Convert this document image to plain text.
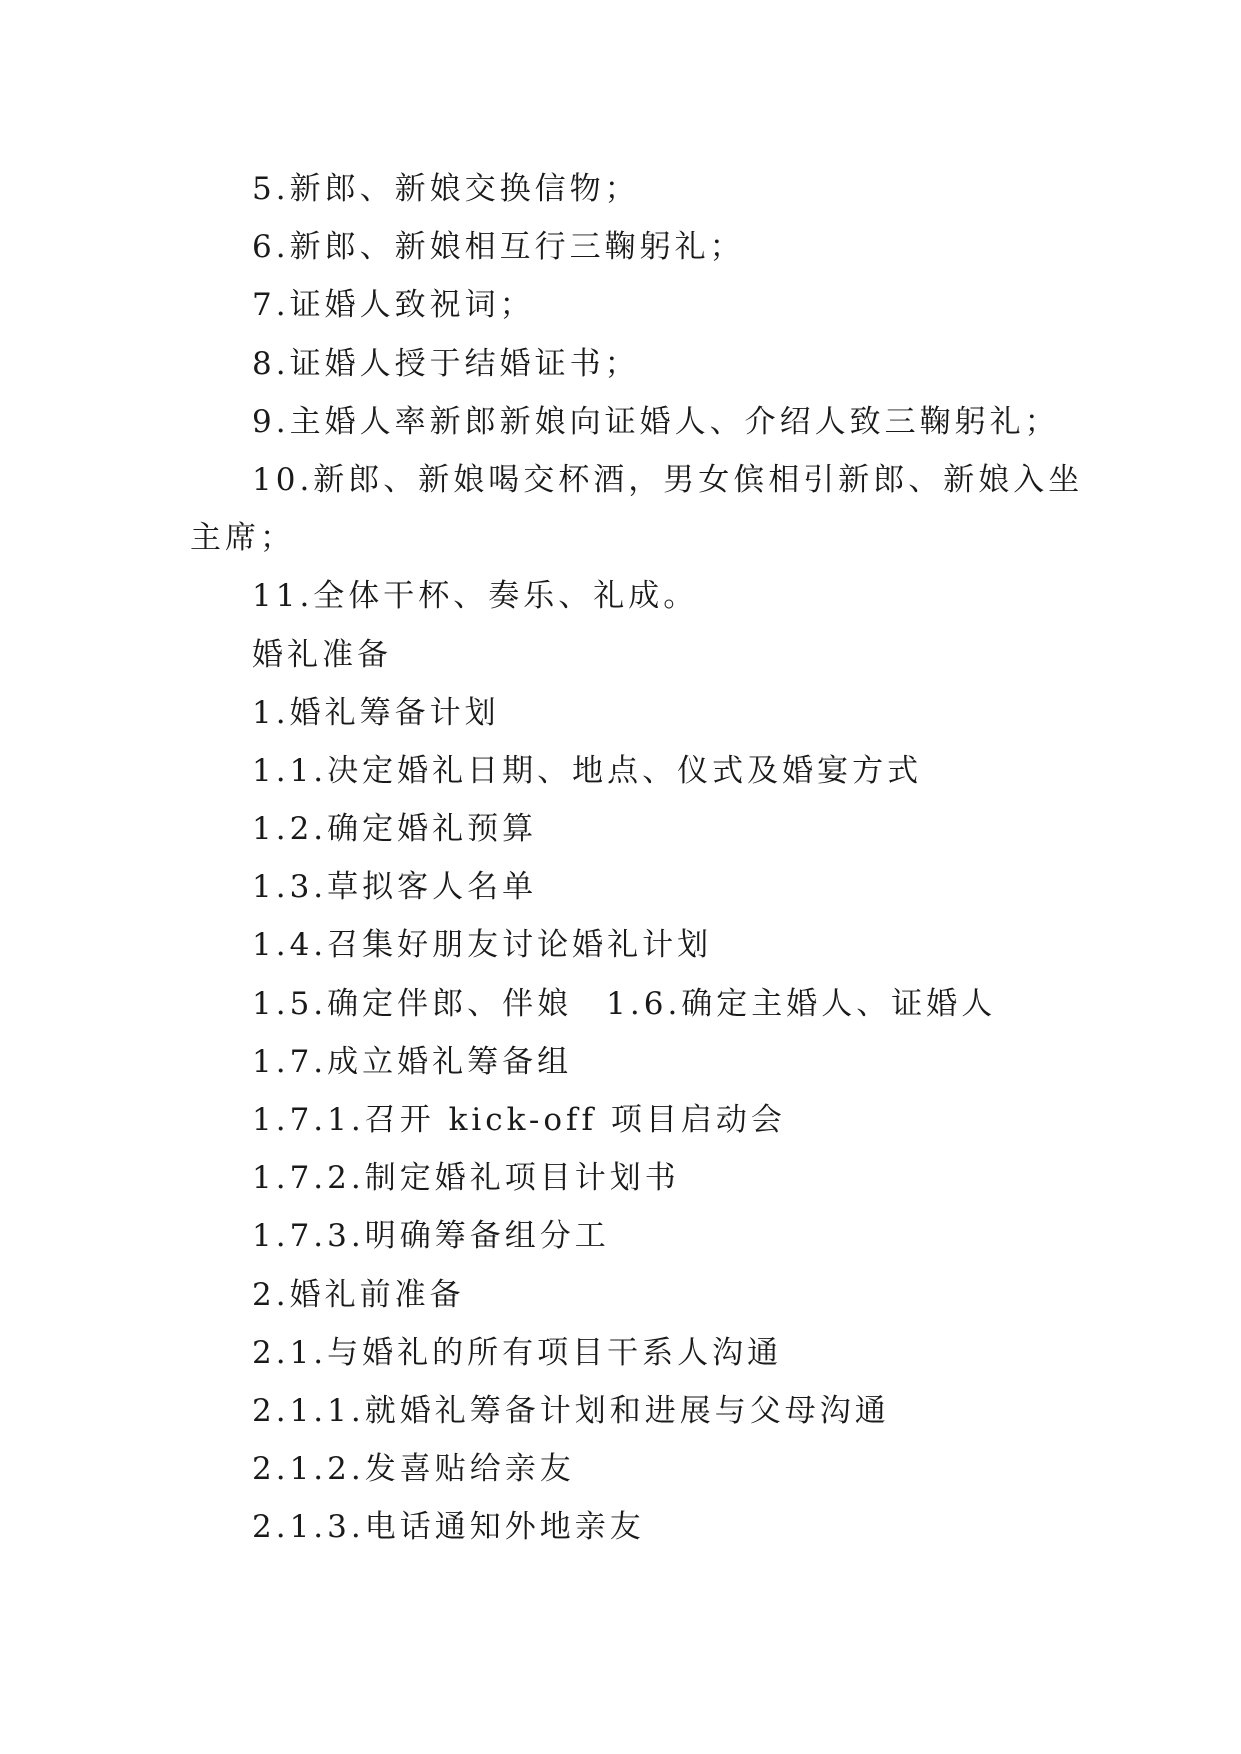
5.新郎、新娘交换信物；
6.新郎、新娘相互行三鞠躬礼；
7.证婚人致祝词；
8.证婚人授于结婚证书；
9.主婚人率新郎新娘向证婚人、介绍人致三鞠躬礼；
10.新郎、新娘喝交杯酒，男女傧相引新郎、新娘入坐
主席；
11.全体干杯、奏乐、礼成。
婚礼准备
1.婚礼筹备计划
1.1.决定婚礼日期、地点、仪式及婚宴方式
1.2.确定婚礼预算
1.3.草拟客人名单
1.4.召集好朋友讨论婚礼计划
1.5.确定伴郎、伴娘 1.6.确定主婚人、证婚人
1.7.成立婚礼筹备组
1.7.1.召开 kick-off 项目启动会
1.7.2.制定婚礼项目计划书
1.7.3.明确筹备组分工
2.婚礼前准备
2.1.与婚礼的所有项目干系人沟通
2.1.1.就婚礼筹备计划和进展与父母沟通
2.1.2.发喜贴给亲友
2.1.3.电话通知外地亲友
